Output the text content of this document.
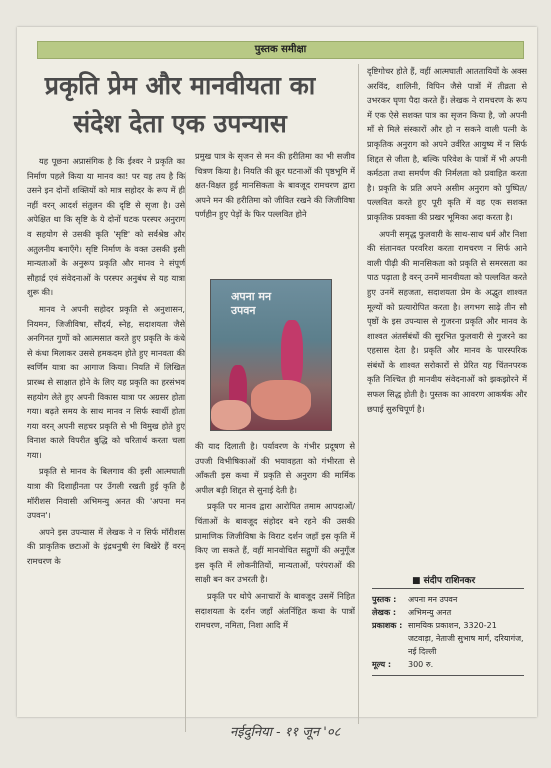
पुस्तक समीक्षा
प्रकृति प्रेम और मानवीयता का संदेश देता एक उपन्यास

यह पूछना अप्रासंगिक है कि ईश्वर ने प्रकृति का निर्माण पहले किया या मानव का! पर यह तय है कि उसने इन दोनों शक्तियों को मात्र सहोदर के रूप में ही नहीं वरन् आदर्श संतुलन की दृष्टि से सृजा है। उसे अपेक्षित था कि सृष्टि के ये दोनों घटक परस्पर अनुराग व सहयोग से उसकी कृति 'सृष्टि' को सर्वश्रेष्ठ और अतुलनीय बनाएँगे। सृष्टि निर्माण के वक्त उसकी इसी मान्यताओं के अनुरूप प्रकृति और मानव ने संपूर्ण सौहार्द्र एवं संवेदनाओं के परस्पर अनुबंध से यह यात्रा शुरू की।

मानव ने अपनी सहोदर प्रकृति से अनुशासन, नियमन, जिजीविषा, सौंदर्य, स्नेह, सदाशयता जैसे अनगिनत गुणों को आत्मसात करते हुए प्रकृति के कंधे से कंधा मिलाकर उससे हमकदम होते हुए मानवता की स्वर्णिम यात्रा का आगाज किया। नियति में लिखित प्रारब्ध से साक्षात होने के लिए यह प्रकृति का हरसंभव सहयोग लेते हुए अपनी विकास यात्रा पर अग्रसर होता गया। बढ़ते समय के साथ मानव न सिर्फ स्वार्थी होता गया वरन् अपनी सहचर प्रकृति से भी विमुख होते हुए विनाश काले विपरीत बुद्धि को चरितार्थ करता चला गया।

प्रकृति से मानव के बिलगाव की इसी आत्मघाती यात्रा की दिशाहीनता पर उँगली रखती हुई कृति है मॉरीशस निवासी अभिमन्यु अनत की 'अपना मन उपवन'।

अपने इस उपन्यास में लेखक ने न सिर्फ मॉरीशस की प्राकृतिक छटाओं के इंद्रधनुषी रंग बिखेरे हैं वरन् रामचरण के

प्रमुख पात्र के सृजन से मन की हरीतिमा का भी सजीव चित्रण किया है। नियति की क्रूर घटनाओं की पृष्ठभूमि में क्षत-विक्षत हुई मानसिकता के बावजूद रामचरण द्वारा अपने मन की हरीतिमा को जीवित रखने की जिजीविषा पर्णहीन हुए पेड़ों के फिर पल्लवित होने

अपना मन
उपवन

की याद दिलाती है। पर्यावरण के गंभीर प्रदूषण से उपजी विभीषिकाओं की भयावहता को गंभीरता से आँकती इस कथा में प्रकृति से अनुराग की मार्मिक अपील बड़ी शिद्दत से सुनाई देती है।

प्रकृति पर मानव द्वारा आरोपित तमाम आपदाओं/चिंताओं के बावजूद संहोदर बने रहने की उसकी प्रामाणिक जिजीविषा के विराट दर्शन जहाँ इस कृति में किए जा सकते हैं, वहीं मानवोचित सद्गुणों की अनुगूँज इस कृति में लोकनीतियों, मान्यताओं, परंपराओं की साक्षी बन कर उभरती है।

प्रकृति पर थोपे अनाचारों के बावजूद उसमें निहित सदाशयता के दर्शन जहाँ अंतर्निहित कथा के पात्रों रामचरण, नमिता, निशा आदि में

दृष्टिगोचर होते हैं, वहीं आत्मघाती आततायियों के अक्स अरविंद, शालिनी, विपिन जैसे पात्रों में तीव्रता से उभरकर घृणा पैदा करते हैं। लेखक ने रामचरण के रूप में एक ऐसे सशक्त पात्र का सृजन किया है, जो अपनी माँ से मिले संस्कारों और हो न सकने वाली पत्नी के प्राकृतिक अनुराग को अपने उर्वरित आयुष्य में न सिर्फ शिद्दत से जीता है, बल्कि परिवेश के पात्रों में भी अपनी कर्मठता तथा समर्पण की निर्मलता को प्रवाहित करता है। प्रकृति के प्रति अपने असीम अनुराग को पुष्पित/पल्लवित करते हुए पूरी कृति में वह एक सशक्त प्राकृतिक प्रवक्ता की प्रखर भूमिका अदा करता है।

अपनी समृद्ध फुलवारी के साथ-साथ धर्म और निशा की संतानवत परवरिश करता रामचरण न सिर्फ आने वाली पीढ़ी की मानसिकता को प्रकृति से समरसता का पाठ पढ़ाता है वरन् उनमें मानवीयता को पल्लवित करते हुए उनमें सहजता, सदाशयता प्रेम के अद्भुत शाश्वत मूल्यों को प्रत्यारोपित करता है। लगभग साढ़े तीन सौ पृष्ठों के इस उपन्यास से गुजरना प्रकृति और मानव के शाश्वत अंतर्संबंधों की सुरभित फुलवारी से गुजरने का एहसास देता है। प्रकृति और मानव के पारस्परिक संबंधों के शाश्वत सरोकारों से प्रेरित यह चिंतनपरक कृति निश्चित ही मानवीय संवेदनाओं को झकझोरने में सफल सिद्ध होती है। पुस्तक का आवरण आकर्षक और छपाई सुरुचिपूर्ण है।

■ संदीप राशिनकर
पुस्तक :	अपना मन उपवन
लेखक :	अभिमन्यु अनत
प्रकाशक : सामयिक प्रकाशन, 3320-21 जटवाड़ा, नेताजी सुभाष मार्ग, दरियागंज, नई दिल्ली
मूल्य :	300 रु.
नईदुनिया - ११ जून '०८
